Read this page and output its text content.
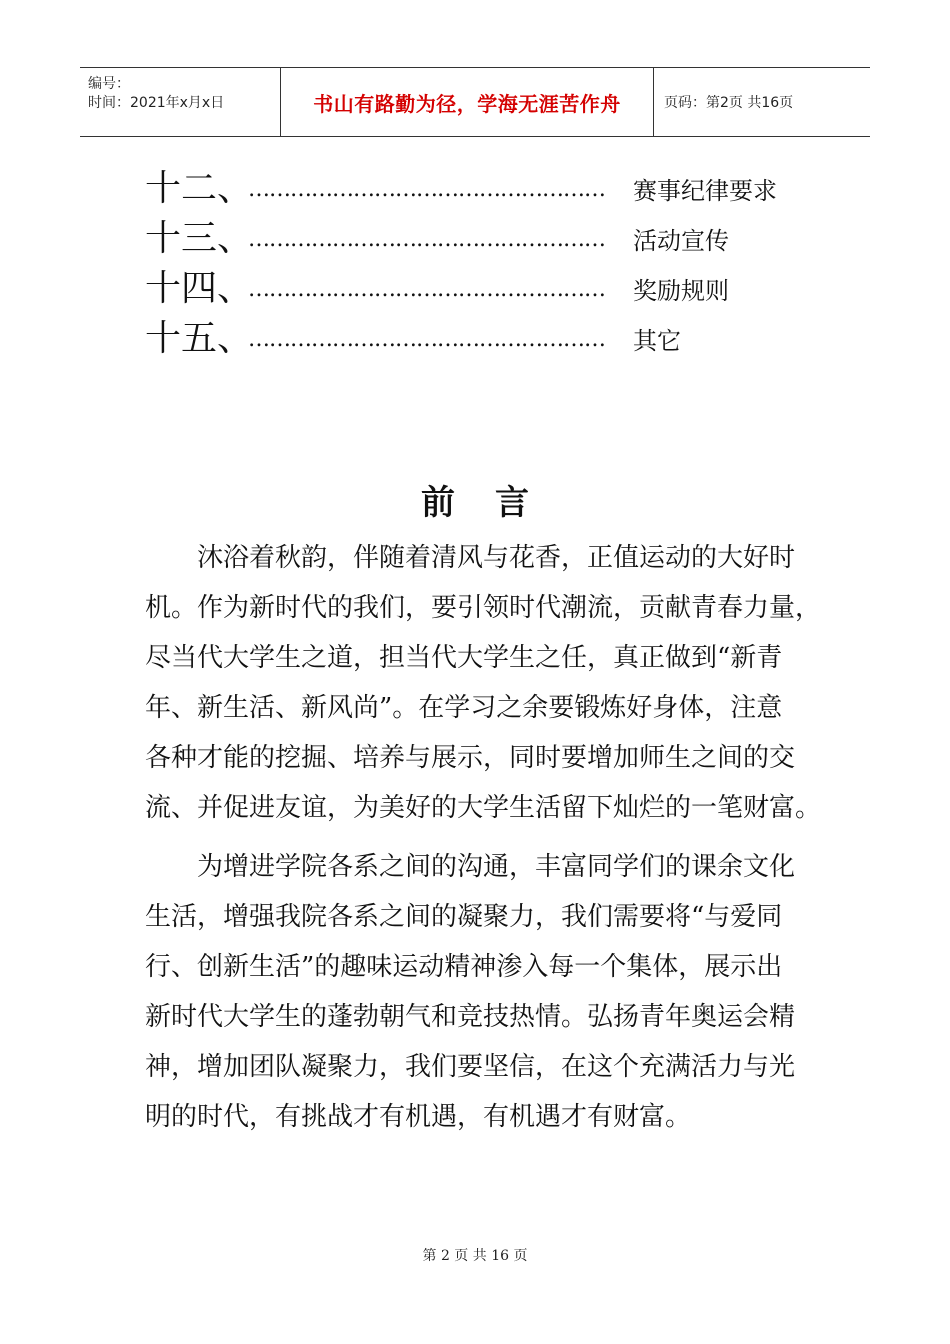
编号：
时间：2021年x月x日	书山有路勤为径，学海无涯苦作舟	页码：第2页 共16页
十二、
…………………………………………… 赛事纪律要求
十三、
…………………………………………… 活动宣传
十四、
…………………………………………… 奖励规则
十五、
…………………………………………… 其它
前言
沐浴着秋韵，伴随着清风与花香，正值运动的大好时
机。作为新时代的我们，要引领时代潮流，贡献青春力量，
尽当代大学生之道，担当代大学生之任，真正做到“新青
年、新生活、新风尚”。在学习之余要锻炼好身体，注意
各种才能的挖掘、培养与展示，同时要增加师生之间的交
流、并促进友谊，为美好的大学生活留下灿烂的一笔财富。
为增进学院各系之间的沟通，丰富同学们的课余文化
生活，增强我院各系之间的凝聚力，我们需要将“与爱同
行、创新生活”的趣味运动精神渗入每一个集体，展示出
新时代大学生的蓬勃朝气和竞技热情。弘扬青年奥运会精
神，增加团队凝聚力，我们要坚信，在这个充满活力与光
明的时代，有挑战才有机遇，有机遇才有财富。
第 2 页 共 16 页
